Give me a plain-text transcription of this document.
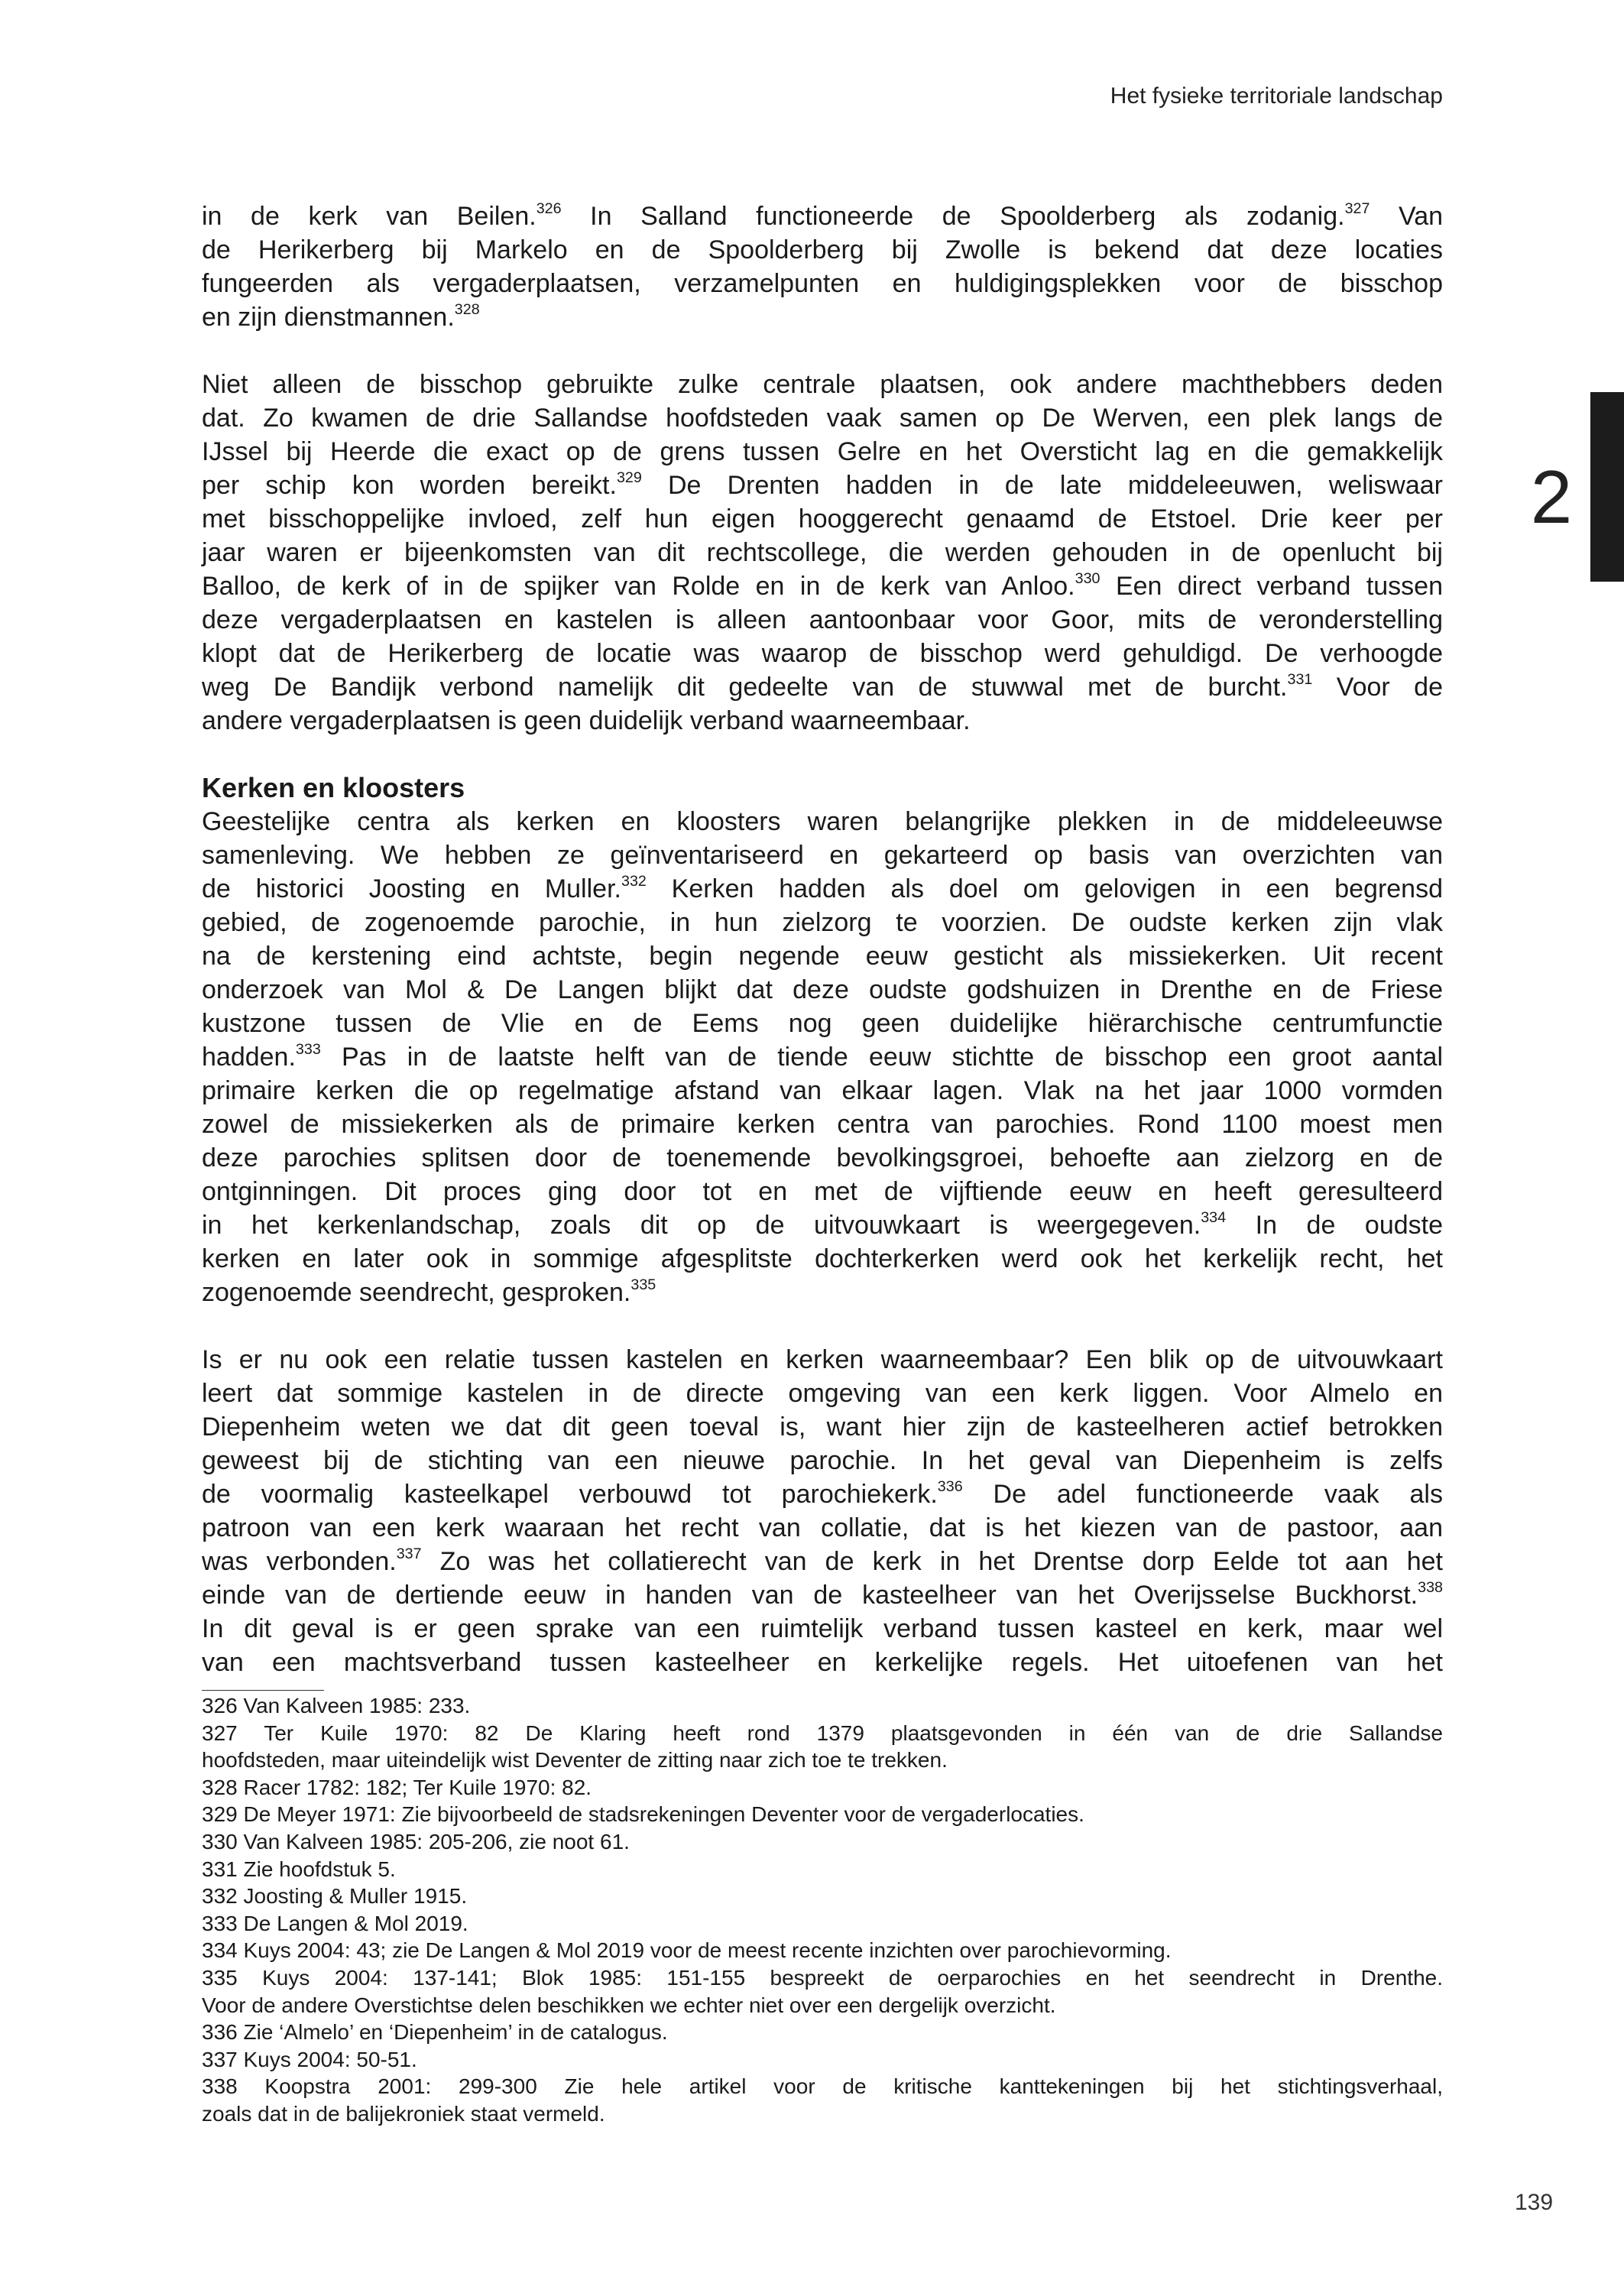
Het fysieke territoriale landschap
2
in de kerk van Beilen.$^{326}$ In Salland functioneerde de Spoolderberg als zodanig.$^{327}$ Van
de Herikerberg bij Markelo en de Spoolderberg bij Zwolle is bekend dat deze locaties
fungeerden als vergaderplaatsen, verzamelpunten en huldigingsplekken voor de bisschop
en zijn dienstmannen.$^{328}$
Niet alleen de bisschop gebruikte zulke centrale plaatsen, ook andere machthebbers deden
dat. Zo kwamen de drie Sallandse hoofdsteden vaak samen op De Werven, een plek langs de
IJssel bij Heerde die exact op de grens tussen Gelre en het Oversticht lag en die gemakkelijk
per schip kon worden bereikt.$^{329}$ De Drenten hadden in de late middeleeuwen, weliswaar
met bisschoppelijke invloed, zelf hun eigen hooggerecht genaamd de Etstoel. Drie keer per
jaar waren er bijeenkomsten van dit rechtscollege, die werden gehouden in de openlucht bij
Balloo, de kerk of in de spijker van Rolde en in de kerk van Anloo.$^{330}$ Een direct verband tussen
deze vergaderplaatsen en kastelen is alleen aantoonbaar voor Goor, mits de veronderstelling
klopt dat de Herikerberg de locatie was waarop de bisschop werd gehuldigd. De verhoogde
weg De Bandijk verbond namelijk dit gedeelte van de stuwwal met de burcht.$^{331}$ Voor de
andere vergaderplaatsen is geen duidelijk verband waarneembaar.
Kerken en kloosters
Geestelijke centra als kerken en kloosters waren belangrijke plekken in de middeleeuwse
samenleving. We hebben ze geïnventariseerd en gekarteerd op basis van overzichten van
de historici Joosting en Muller.$^{332}$ Kerken hadden als doel om gelovigen in een begrensd
gebied, de zogenoemde parochie, in hun zielzorg te voorzien. De oudste kerken zijn vlak
na de kerstening eind achtste, begin negende eeuw gesticht als missiekerken. Uit recent
onderzoek van Mol & De Langen blijkt dat deze oudste godshuizen in Drenthe en de Friese
kustzone tussen de Vlie en de Eems nog geen duidelijke hiërarchische centrumfunctie
hadden.$^{333}$ Pas in de laatste helft van de tiende eeuw stichtte de bisschop een groot aantal
primaire kerken die op regelmatige afstand van elkaar lagen. Vlak na het jaar 1000 vormden
zowel de missiekerken als de primaire kerken centra van parochies. Rond 1100 moest men
deze parochies splitsen door de toenemende bevolkingsgroei, behoefte aan zielzorg en de
ontginningen. Dit proces ging door tot en met de vijftiende eeuw en heeft geresulteerd
in het kerkenlandschap, zoals dit op de uitvouwkaart is weergegeven.$^{334}$ In de oudste
kerken en later ook in sommige afgesplitste dochterkerken werd ook het kerkelijk recht, het
zogenoemde seendrecht, gesproken.$^{335}$
Is er nu ook een relatie tussen kastelen en kerken waarneembaar? Een blik op de uitvouwkaart
leert dat sommige kastelen in de directe omgeving van een kerk liggen. Voor Almelo en
Diepenheim weten we dat dit geen toeval is, want hier zijn de kasteelheren actief betrokken
geweest bij de stichting van een nieuwe parochie. In het geval van Diepenheim is zelfs
de voormalig kasteelkapel verbouwd tot parochiekerk.$^{336}$ De adel functioneerde vaak als
patroon van een kerk waaraan het recht van collatie, dat is het kiezen van de pastoor, aan
was verbonden.$^{337}$ Zo was het collatierecht van de kerk in het Drentse dorp Eelde tot aan het
einde van de dertiende eeuw in handen van de kasteelheer van het Overijsselse Buckhorst.$^{338}$
In dit geval is er geen sprake van een ruimtelijk verband tussen kasteel en kerk, maar wel
van een machtsverband tussen kasteelheer en kerkelijke regels. Het uitoefenen van het
326 Van Kalveen 1985: 233.
327 Ter Kuile 1970: 82 De Klaring heeft rond 1379 plaatsgevonden in één van de drie Sallandse
hoofdsteden, maar uiteindelijk wist Deventer de zitting naar zich toe te trekken.
328 Racer 1782: 182; Ter Kuile 1970: 82.
329 De Meyer 1971: Zie bijvoorbeeld de stadsrekeningen Deventer voor de vergaderlocaties.
330 Van Kalveen 1985: 205-206, zie noot 61.
331 Zie hoofdstuk 5.
332 Joosting & Muller 1915.
333 De Langen & Mol 2019.
334 Kuys 2004: 43; zie De Langen & Mol 2019 voor de meest recente inzichten over parochievorming.
335 Kuys 2004: 137-141; Blok 1985: 151-155 bespreekt de oerparochies en het seendrecht in Drenthe.
Voor de andere Overstichtse delen beschikken we echter niet over een dergelijk overzicht.
336 Zie ‘Almelo’ en ‘Diepenheim’ in de catalogus.
337 Kuys 2004: 50-51.
338 Koopstra 2001: 299-300 Zie hele artikel voor de kritische kanttekeningen bij het stichtingsverhaal,
zoals dat in de balijekroniek staat vermeld.
139
